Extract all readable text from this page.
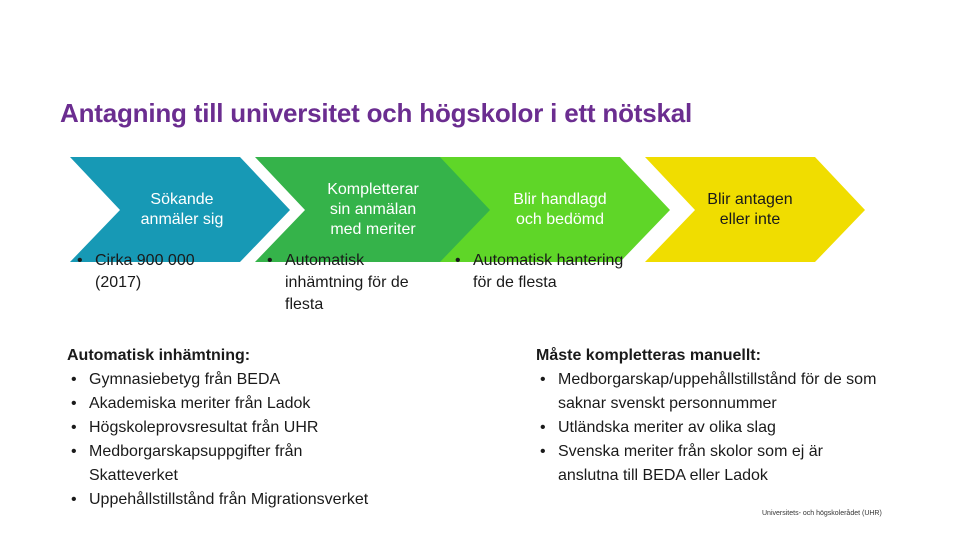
Antagning till universitet och högskolor i ett nötskal
Sökande
anmäler sig
Kompletterar
sin anmälan
med meriter
Blir handlagd
och bedömd
Blir antagen
eller inte
• Cirka 900 000 (2017)
• Automatisk inhämtning för de flesta
• Automatisk hantering för de flesta
Automatisk inhämtning:
• Gymnasiebetyg från BEDA
• Akademiska meriter från Ladok
• Högskoleprovsresultat från UHR
• Medborgarskapsuppgifter från Skatteverket
• Uppehållstillstånd från Migrationsverket
Måste kompletteras manuellt:
• Medborgarskap/uppehållstillstånd för de som saknar svenskt personnummer
• Utländska meriter av olika slag
• Svenska meriter från skolor som ej är anslutna till BEDA eller Ladok
Universitets- och högskolerådet (UHR)
